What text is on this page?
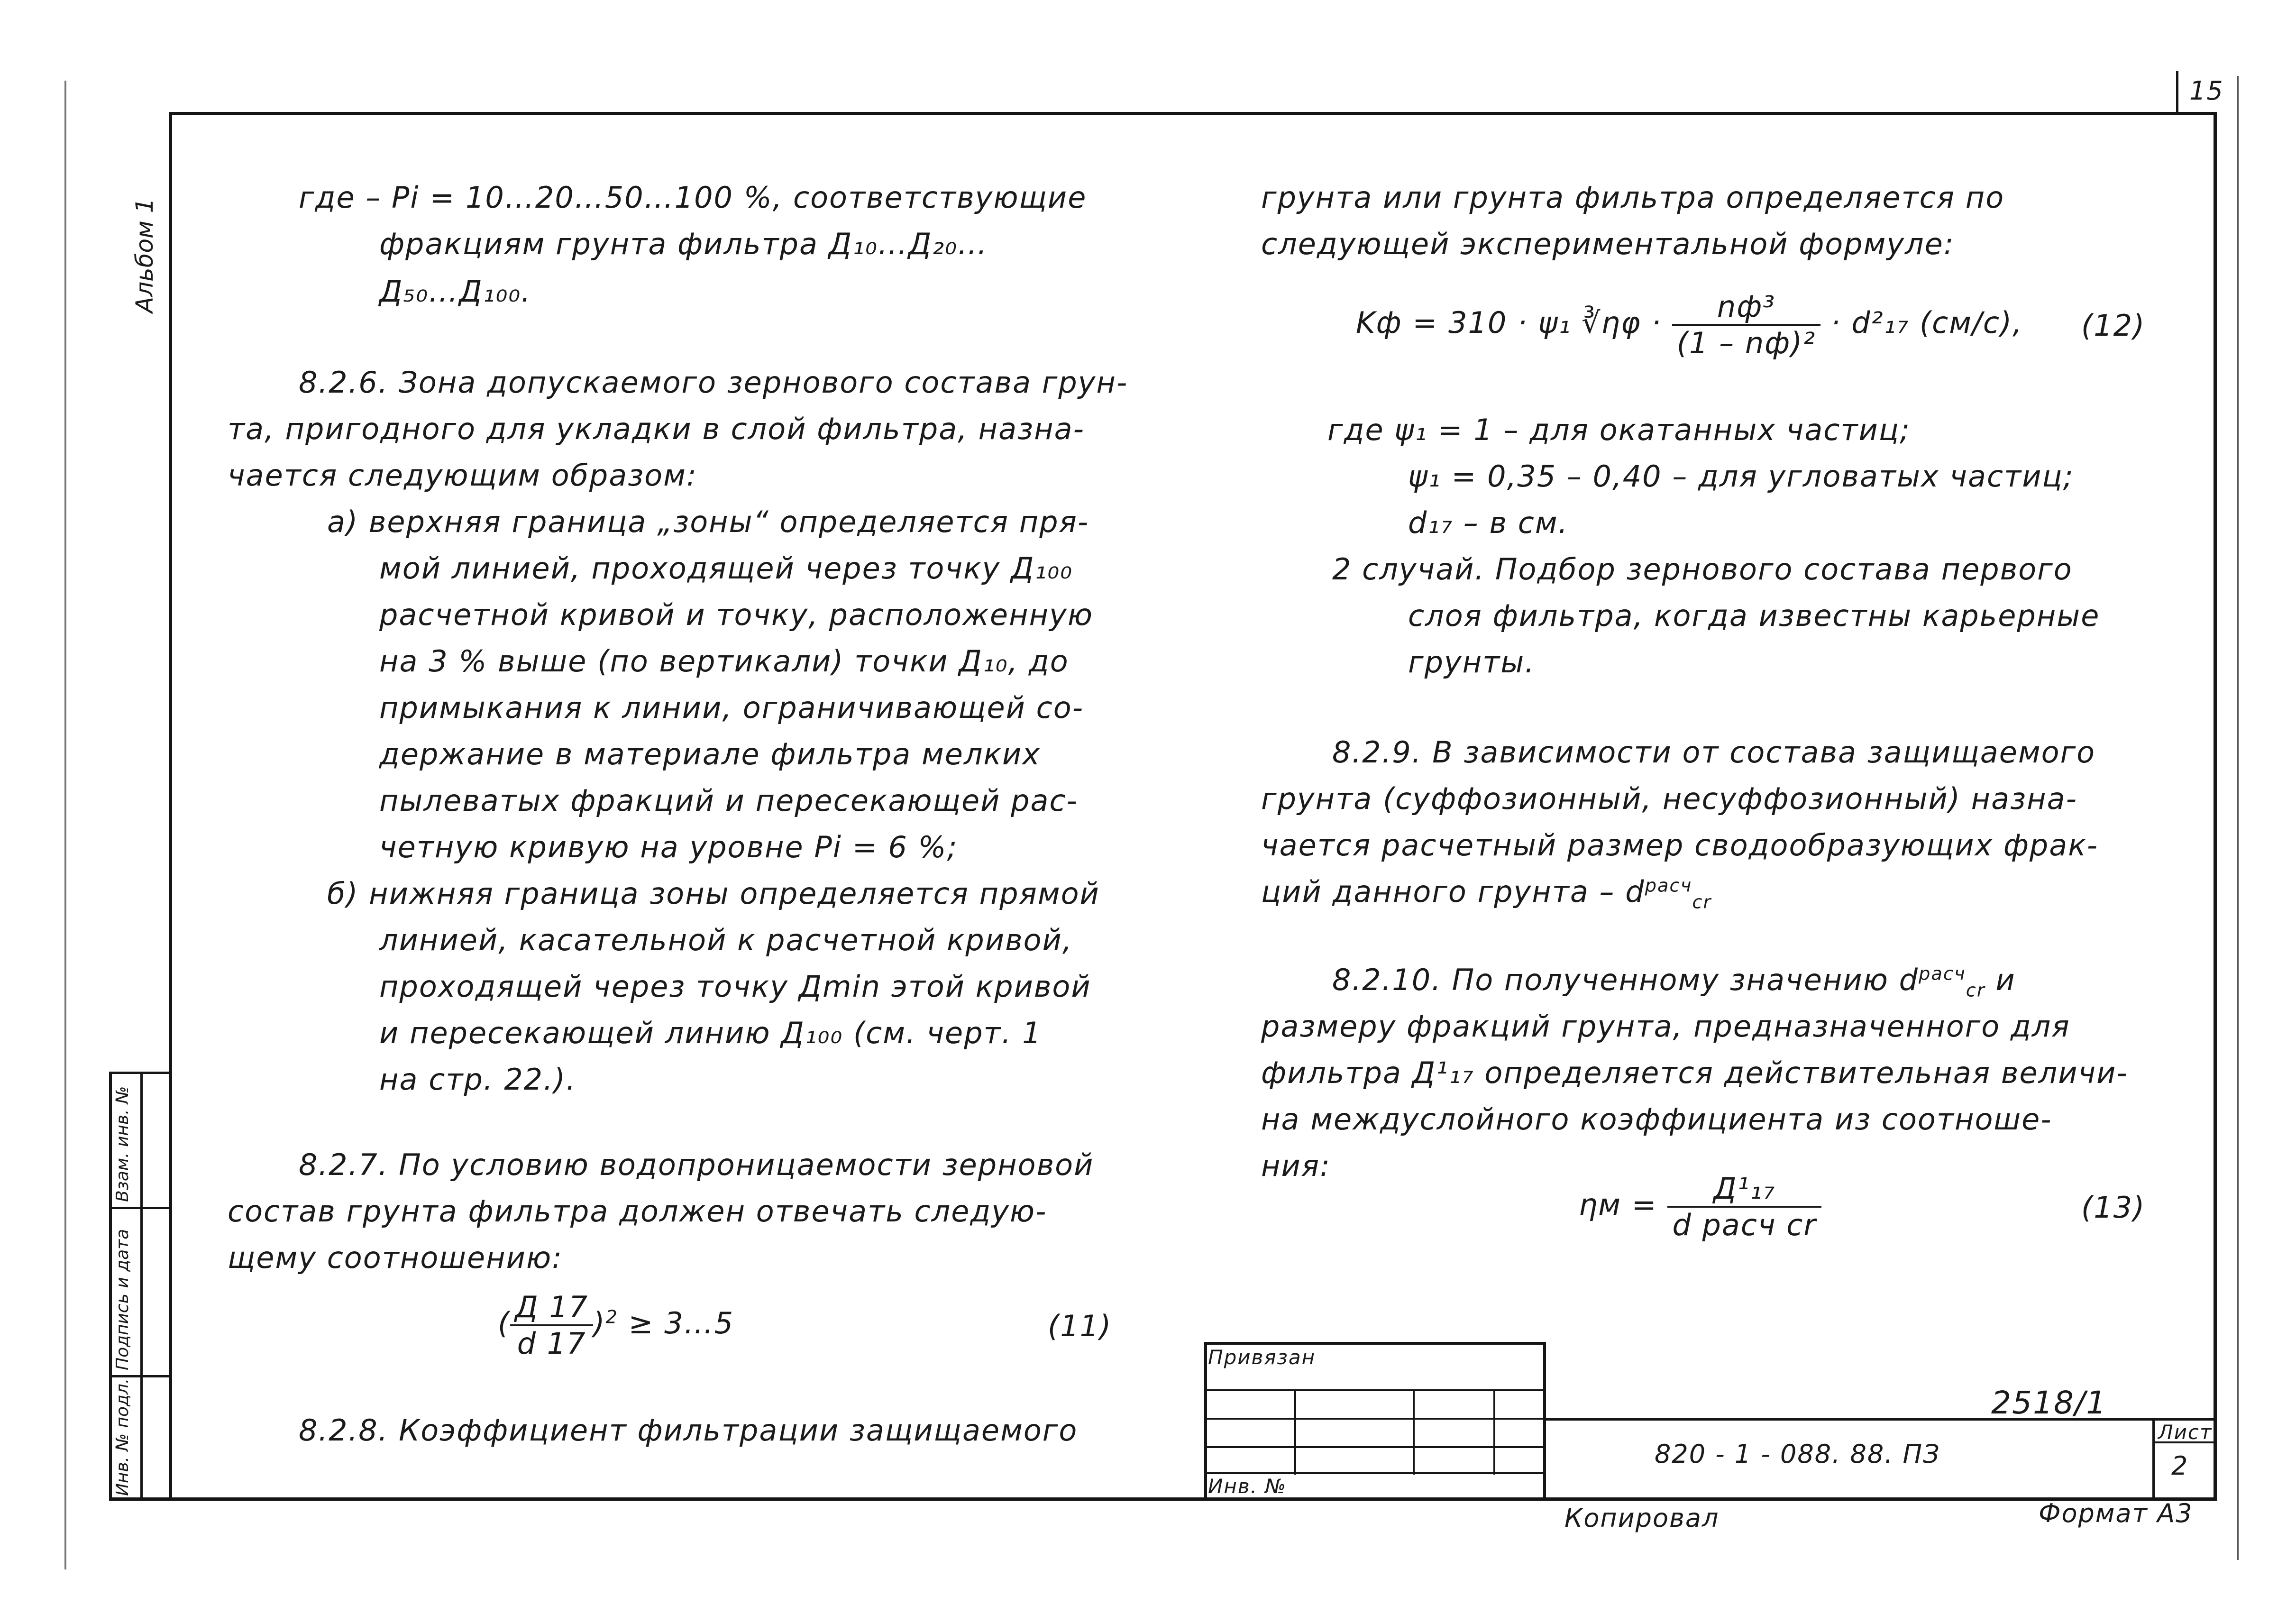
15
Альбом 1
Взам. инв. №
Подпись и дата
Инв. № подл.
где – Pi = 10…20…50…100 %, соответствующие
фракциям грунта фильтра Д₁₀…Д₂₀…
Д₅₀…Д₁₀₀.
8.2.6. Зона допускаемого зернового состава грун-
та, пригодного для укладки в слой фильтра, назна-
чается следующим образом:
а) верхняя граница „зоны“ определяется пря-
мой линией, проходящей через точку Д₁₀₀
расчетной кривой и точку, расположенную
на 3 % выше (по вертикали) точки Д₁₀, до
примыкания к линии, ограничивающей со-
держание в материале фильтра мелких
пылеватых фракций и пересекающей рас-
четную кривую на уровне Pi = 6 %;
б) нижняя граница зоны определяется прямой
линией, касательной к расчетной кривой,
проходящей через точку Дmin этой кривой
и пересекающей линию Д₁₀₀ (см. черт. 1
на стр. 22.).
8.2.7. По условию водопроницаемости зерновой
состав грунта фильтра должен отвечать следую-
щему соотношению:
( $\frac{Д 17}{d 17} )^2$ ≥ 3…5	(11)
8.2.8. Коэффициент фильтрации защищаемого
грунта или грунта фильтра определяется по
следующей экспериментальной формуле:
Kф = 310 · ψ₁ ∛ηφ · $\frac{\text{nф³}}{\text{(1 – nф)²}} \cdot d^2_{17}$ (см/с), (12)
где ψ₁ = 1 – для окатанных частиц;
ψ₁ = 0,35 – 0,40 – для угловатых частиц;
d₁₇ – в см.
2 случай. Подбор зернового состава первого
слоя фильтра, когда известны карьерные
грунты.
8.2.9. В зависимости от состава защищаемого
грунта (суффозионный, несуффозионный) назна-
чается расчетный размер сводообразующих фрак-
ций данного грунта – $d^{расч}_{cr}$
8.2.10. По полученному значению $d^{расч}_{cr}$ и
размеру фракций грунта, предназначенного для
фильтра Д¹₁₇ определяется действительная величи-
на междуслойного коэффициента из соотноше-
ния:
$\eta м = \frac{\text{Д¹₁₇}}{\text{d расч cr}}$	(13)
Привязан
Инв. №
820 - 1 - 088. 88. ПЗ
Лист
2
2518/1
Копировал	Формат А3
